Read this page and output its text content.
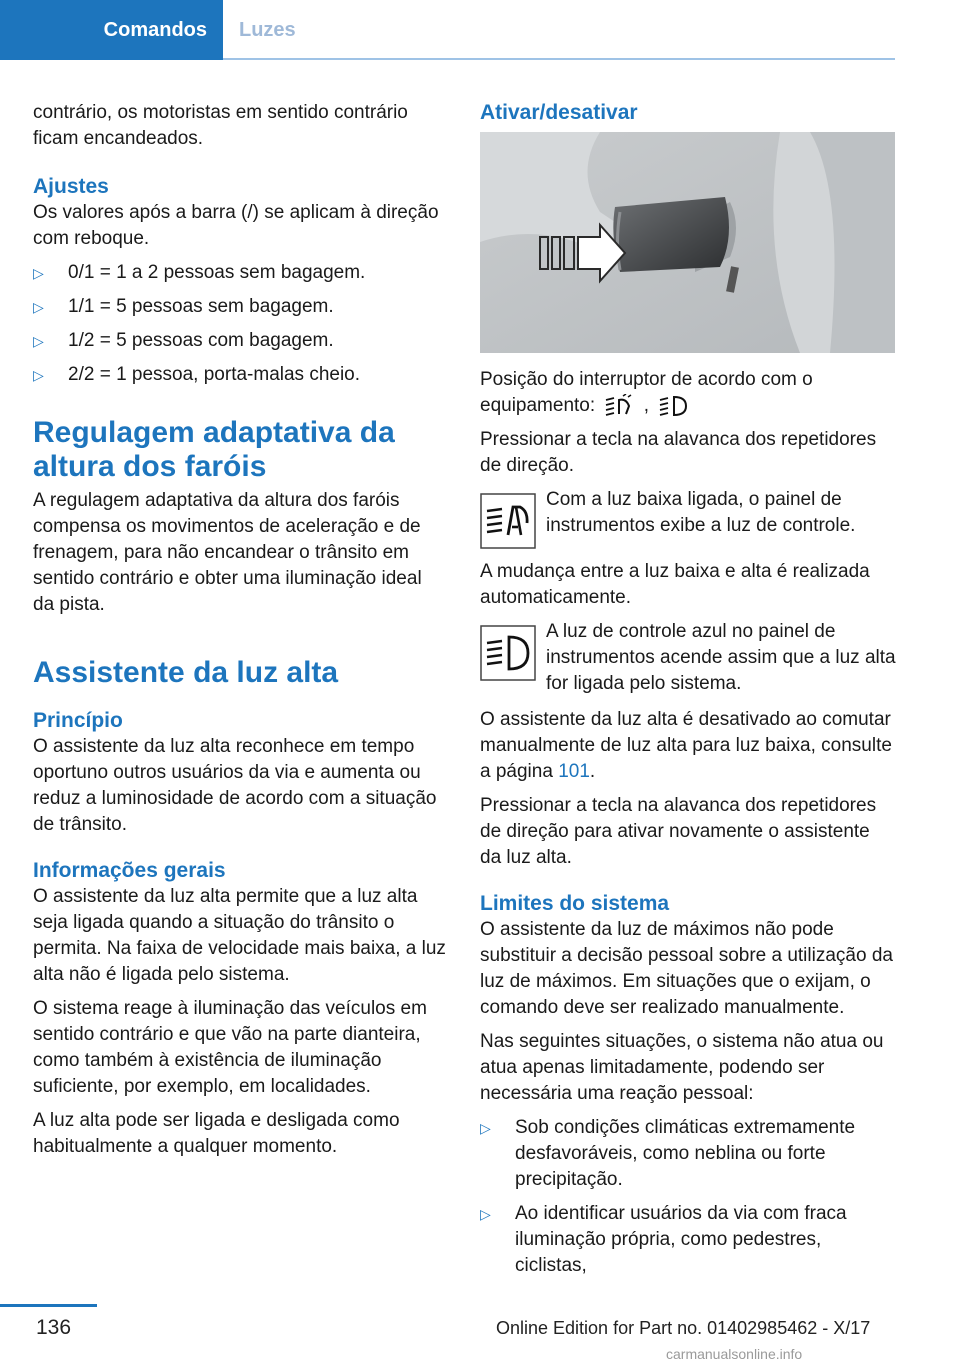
Comandos	Luzes

contrário, os motoristas em sentido contrário ficam encandeados.

Ajustes

Os valores após a barra (/) se aplicam à direção com reboque.

▷ 0/1 = 1 a 2 pessoas sem bagagem.
▷ 1/1 = 5 pessoas sem bagagem.
▷ 1/2 = 5 pessoas com bagagem.
▷ 2/2 = 1 pessoa, porta-malas cheio.
Regulagem adaptativa da altura dos faróis

A regulagem adaptativa da altura dos faróis compensa os movimentos de aceleração e de frenagem, para não encandear o trânsito em sentido contrário e obter uma iluminação ideal da pista.

Assistente da luz alta
Princípio

O assistente da luz alta reconhece em tempo oportuno outros usuários da via e aumenta ou reduz a luminosidade de acordo com a situação de trânsito.

Informações gerais

O assistente da luz alta permite que a luz alta seja ligada quando a situação do trânsito o permita. Na faixa de velocidade mais baixa, a luz alta não é ligada pelo sistema.

O sistema reage à iluminação das veículos em sentido contrário e que vão na parte dianteira, como também à existência de iluminação suficiente, por exemplo, em localidades.

A luz alta pode ser ligada e desligada como habitualmente a qualquer momento.

Ativar/desativar

Posição do interruptor de acordo com o equipamento:	,

Pressionar a tecla na alavanca dos repetidores de direção.

Com a luz baixa ligada, o painel de instrumentos exibe a luz de controle.

A mudança entre a luz baixa e alta é realizada automaticamente.

A luz de controle azul no painel de instrumentos acende assim que a luz alta for ligada pelo sistema.

O assistente da luz alta é desativado ao comutar manualmente de luz alta para luz baixa, consulte a página 101.

Pressionar a tecla na alavanca dos repetidores de direção para ativar novamente o assistente da luz alta.

Limites do sistema

O assistente da luz de máximos não pode substituir a decisão pessoal sobre a utilização da luz de máximos. Em situações que o exijam, o comando deve ser realizado manualmente.

Nas seguintes situações, o sistema não atua ou atua apenas limitadamente, podendo ser necessária uma reação pessoal:

▷ Sob condições climáticas extremamente desfavoráveis, como neblina ou forte precipitação.
▷ Ao identificar usuários da via com fraca iluminação própria, como pedestres, ciclistas,
136	Online Edition for Part no. 01402985462 - X/17
carmanualsonline.info
